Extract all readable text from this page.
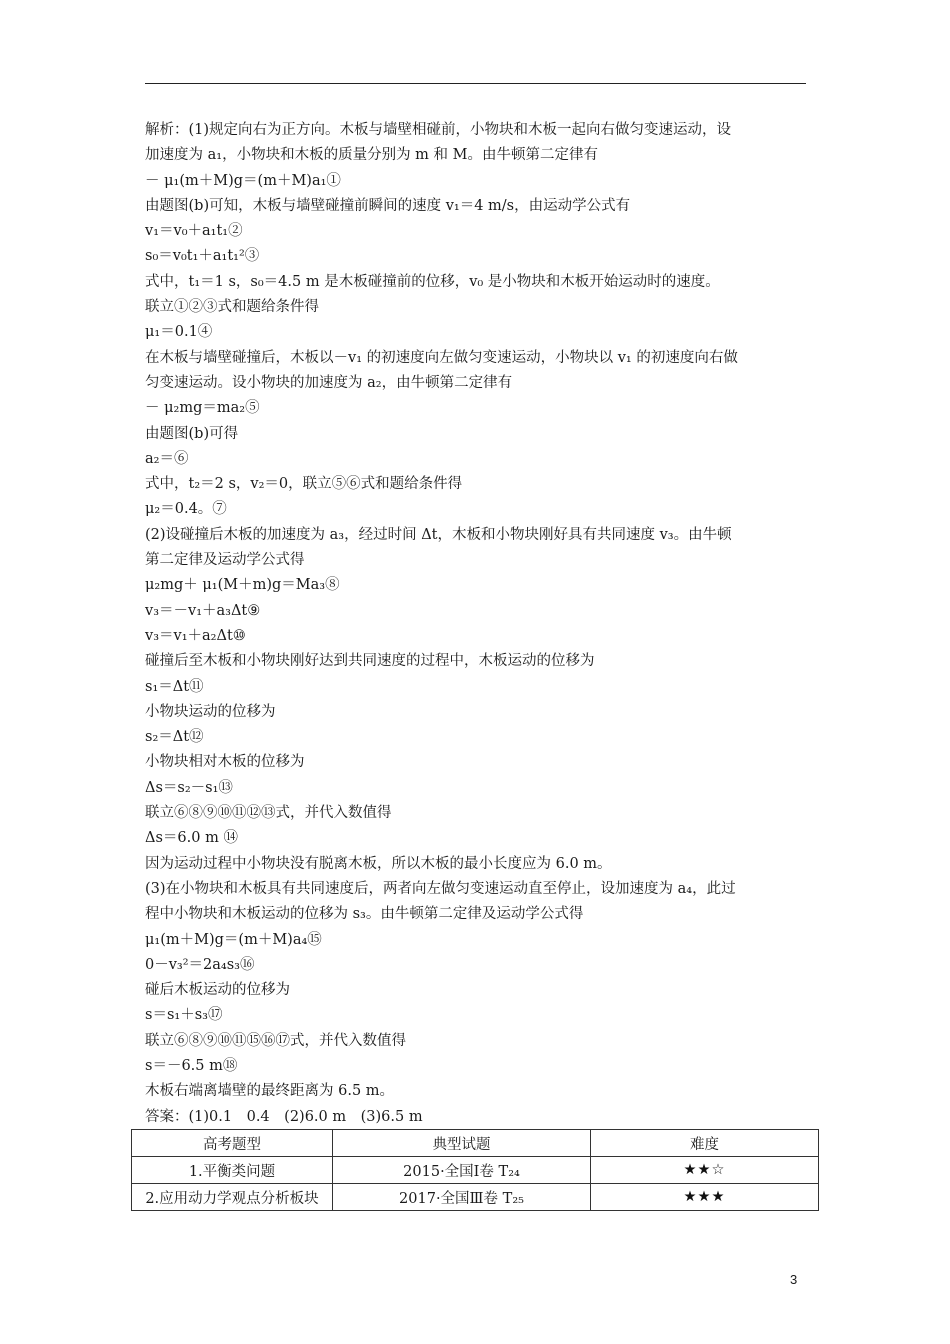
解析：(1)规定向右为正方向。木板与墙壁相碰前，小物块和木板一起向右做匀变速运动，设
加速度为 a₁，小物块和木板的质量分别为 m 和 M。由牛顿第二定律有
－ μ₁(m＋M)g＝(m＋M)a₁①
由题图(b)可知，木板与墙壁碰撞前瞬间的速度 v₁＝4 m/s，由运动学公式有
v₁＝v₀＋a₁t₁②
s₀＝v₀t₁＋a₁t₁²③
式中，t₁＝1 s，s₀＝4.5 m 是木板碰撞前的位移，v₀ 是小物块和木板开始运动时的速度。
联立①②③式和题给条件得
μ₁＝0.1④
在木板与墙壁碰撞后，木板以－v₁ 的初速度向左做匀变速运动，小物块以 v₁ 的初速度向右做
匀变速运动。设小物块的加速度为 a₂，由牛顿第二定律有
－ μ₂mg＝ma₂⑤
由题图(b)可得
a₂＝⑥
式中，t₂＝2 s，v₂＝0，联立⑤⑥式和题给条件得
μ₂＝0.4。⑦
(2)设碰撞后木板的加速度为 a₃，经过时间 Δt，木板和小物块刚好具有共同速度 v₃。由牛顿
第二定律及运动学公式得
μ₂mg＋ μ₁(M＋m)g＝Ma₃⑧
v₃＝－v₁＋a₃Δt⑨
v₃＝v₁＋a₂Δt⑩
碰撞后至木板和小物块刚好达到共同速度的过程中，木板运动的位移为
s₁＝Δt⑪
小物块运动的位移为
s₂＝Δt⑫
小物块相对木板的位移为
Δs＝s₂－s₁⑬
联立⑥⑧⑨⑩⑪⑫⑬式，并代入数值得
Δs＝6.0 m ⑭
因为运动过程中小物块没有脱离木板，所以木板的最小长度应为 6.0 m。
(3)在小物块和木板具有共同速度后，两者向左做匀变速运动直至停止，设加速度为 a₄，此过
程中小物块和木板运动的位移为 s₃。由牛顿第二定律及运动学公式得
μ₁(m＋M)g＝(m＋M)a₄⑮
0－v₃²＝2a₄s₃⑯
碰后木板运动的位移为
s＝s₁＋s₃⑰
联立⑥⑧⑨⑩⑪⑮⑯⑰式，并代入数值得
s＝－6.5 m⑱
木板右端离墙壁的最终距离为 6.5 m。
答案：(1)0.1　0.4　(2)6.0 m　(3)6.5 m
高考题型	典型试题	难度
1.平衡类问题	2015·全国Ⅰ卷 T₂₄	★★☆
2.应用动力学观点分析板块	2017·全国Ⅲ卷 T₂₅	★★★
3
